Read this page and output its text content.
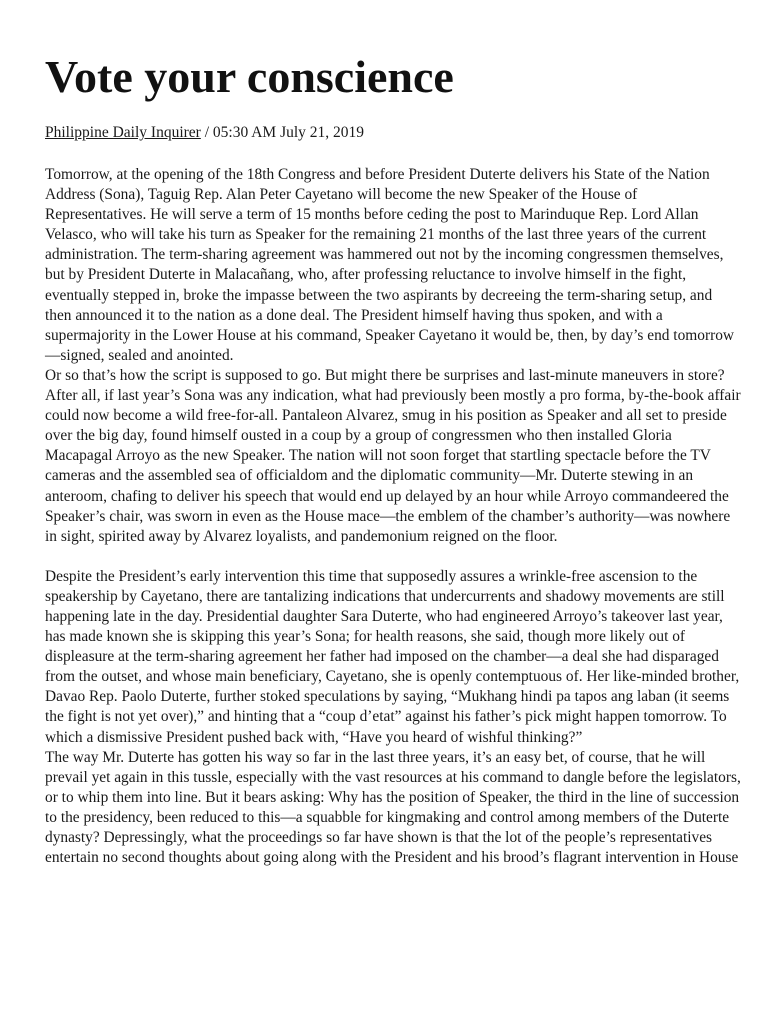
Vote your conscience
Philippine Daily Inquirer / 05:30 AM July 21, 2019

Tomorrow, at the opening of the 18th Congress and before President Duterte delivers his State of the Nation Address (Sona), Taguig Rep. Alan Peter Cayetano will become the new Speaker of the House of Representatives. He will serve a term of 15 months before ceding the post to Marinduque Rep. Lord Allan Velasco, who will take his turn as Speaker for the remaining 21 months of the last three years of the current administration. The term-sharing agreement was hammered out not by the incoming congressmen themselves, but by President Duterte in Malacañang, who, after professing reluctance to involve himself in the fight, eventually stepped in, broke the impasse between the two aspirants by decreeing the term-sharing setup, and then announced it to the nation as a done deal. The President himself having thus spoken, and with a supermajority in the Lower House at his command, Speaker Cayetano it would be, then, by day’s end tomorrow—signed, sealed and anointed.

Or so that’s how the script is supposed to go. But might there be surprises and last-minute maneuvers in store? After all, if last year’s Sona was any indication, what had previously been mostly a pro forma, by-the-book affair could now become a wild free-for-all. Pantaleon Alvarez, smug in his position as Speaker and all set to preside over the big day, found himself ousted in a coup by a group of congressmen who then installed Gloria Macapagal Arroyo as the new Speaker. The nation will not soon forget that startling spectacle before the TV cameras and the assembled sea of officialdom and the diplomatic community—Mr. Duterte stewing in an anteroom, chafing to deliver his speech that would end up delayed by an hour while Arroyo commandeered the Speaker’s chair, was sworn in even as the House mace—the emblem of the chamber’s authority—was nowhere in sight, spirited away by Alvarez loyalists, and pandemonium reigned on the floor.

Despite the President’s early intervention this time that supposedly assures a wrinkle-free ascension to the speakership by Cayetano, there are tantalizing indications that undercurrents and shadowy movements are still happening late in the day. Presidential daughter Sara Duterte, who had engineered Arroyo’s takeover last year, has made known she is skipping this year’s Sona; for health reasons, she said, though more likely out of displeasure at the term-sharing agreement her father had imposed on the chamber—a deal she had disparaged from the outset, and whose main beneficiary, Cayetano, she is openly contemptuous of. Her like-minded brother, Davao Rep. Paolo Duterte, further stoked speculations by saying, “Mukhang hindi pa tapos ang laban (it seems the fight is not yet over),” and hinting that a “coup d’etat” against his father’s pick might happen tomorrow. To which a dismissive President pushed back with, “Have you heard of wishful thinking?”

The way Mr. Duterte has gotten his way so far in the last three years, it’s an easy bet, of course, that he will prevail yet again in this tussle, especially with the vast resources at his command to dangle before the legislators, or to whip them into line. But it bears asking: Why has the position of Speaker, the third in the line of succession to the presidency, been reduced to this—a squabble for kingmaking and control among members of the Duterte dynasty? Depressingly, what the proceedings so far have shown is that the lot of the people’s representatives entertain no second thoughts about going along with the President and his brood’s flagrant intervention in House
